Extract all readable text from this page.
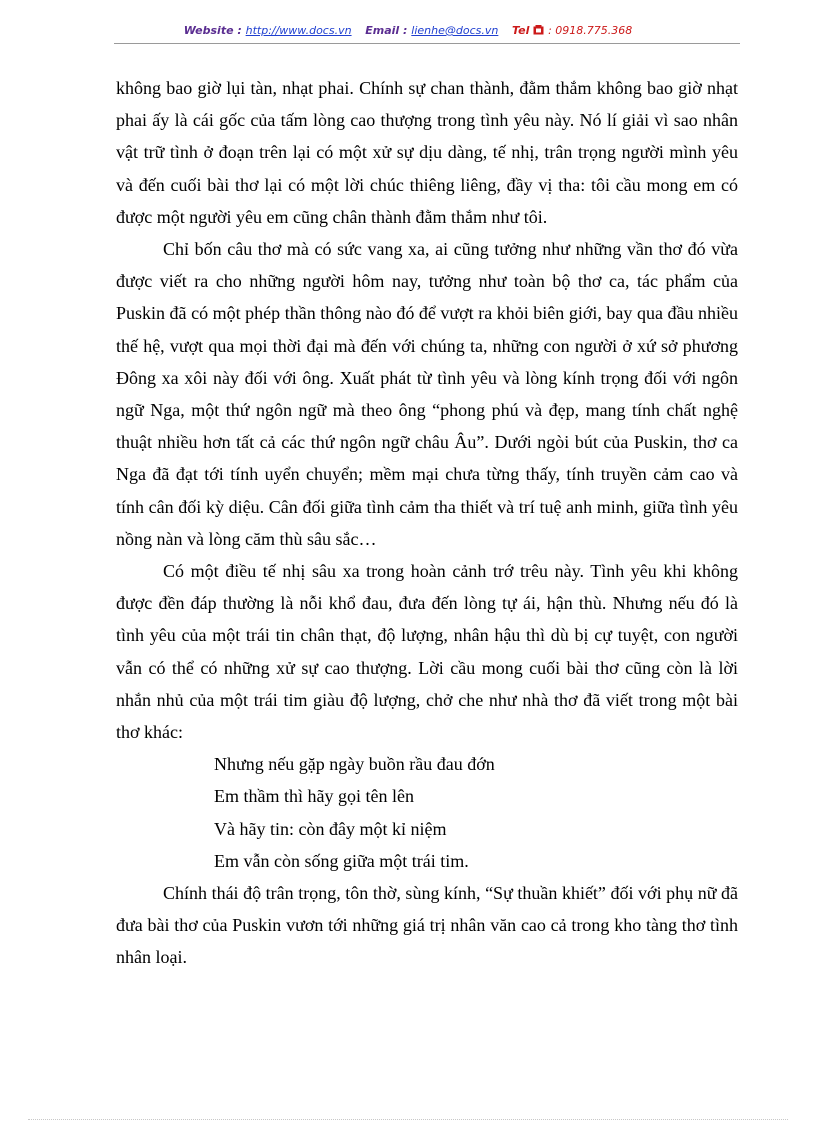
Website : http://www.docs.vn Email : lienhe@docs.vn Tel : 0918.775.368

không bao giờ lụi tàn, nhạt phai. Chính sự chan thành, đằm thắm không bao giờ nhạt phai ấy là cái gốc của tấm lòng cao thượng trong tình yêu này. Nó lí giải vì sao nhân vật trữ tình ở đoạn trên lại có một xử sự dịu dàng, tế nhị, trân trọng người mình yêu và đến cuối bài thơ lại có một lời chúc thiêng liêng, đầy vị tha: tôi cầu mong em có được một người yêu em cũng chân thành đằm thắm như tôi.

Chỉ bốn câu thơ mà có sức vang xa, ai cũng tưởng như những vần thơ đó vừa được viết ra cho những người hôm nay, tưởng như toàn bộ thơ ca, tác phẩm của Puskin đã có một phép thần thông nào đó để vượt ra khỏi biên giới, bay qua đầu nhiều thế hệ, vượt qua mọi thời đại mà đến với chúng ta, những con người ở xứ sở phương Đông xa xôi này đối với ông. Xuất phát từ tình yêu và lòng kính trọng đối với ngôn ngữ Nga, một thứ ngôn ngữ mà theo ông “phong phú và đẹp, mang tính chất nghệ thuật nhiều hơn tất cả các thứ ngôn ngữ châu Âu”. Dưới ngòi bút của Puskin, thơ ca Nga đã đạt tới tính uyển chuyển; mềm mại chưa từng thấy, tính truyền cảm cao và tính cân đối kỳ diệu. Cân đối giữa tình cảm tha thiết và trí tuệ anh minh, giữa tình yêu nồng nàn và lòng căm thù sâu sắc…

Có một điều tế nhị sâu xa trong hoàn cảnh trớ trêu này. Tình yêu khi không được đền đáp thường là nỗi khổ đau, đưa đến lòng tự ái, hận thù. Nhưng nếu đó là tình yêu của một trái tin chân thạt, độ lượng, nhân hậu thì dù bị cự tuyệt, con người vẫn có thể có những xử sự cao thượng. Lời cầu mong cuối bài thơ cũng còn là lời nhắn nhủ của một trái tim giàu độ lượng, chở che như nhà thơ đã viết trong một bài thơ khác:

Nhưng nếu gặp ngày buồn rầu đau đớn
Em thầm thì hãy gọi tên lên
Và hãy tin: còn đây một kỉ niệm
Em vẫn còn sống giữa một trái tim.

Chính thái độ trân trọng, tôn thờ, sùng kính, “Sự thuần khiết” đối với phụ nữ đã đưa bài thơ của Puskin vươn tới những giá trị nhân văn cao cả trong kho tàng thơ tình nhân loại.
